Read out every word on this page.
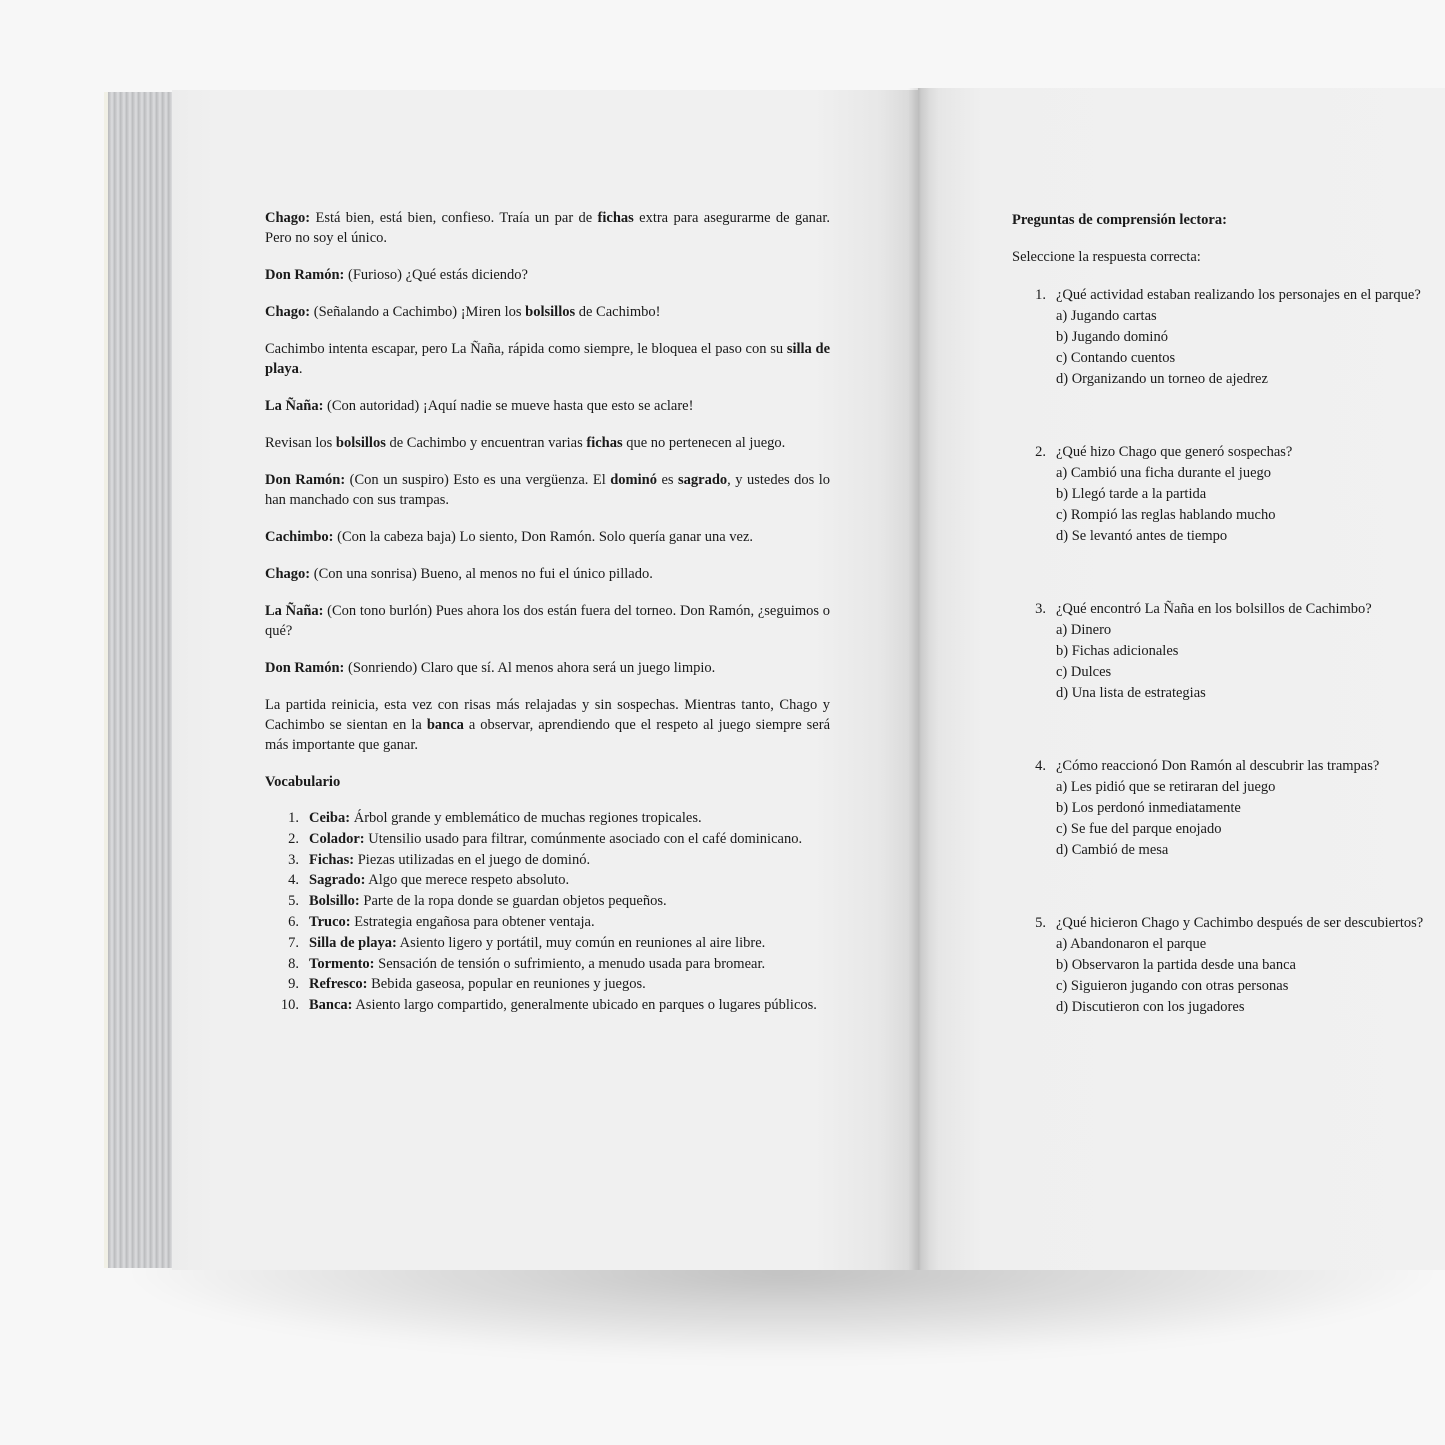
Chago: Está bien, está bien, confieso. Traía un par de fichas extra para asegurarme de ganar. Pero no soy el único.

Don Ramón: (Furioso) ¿Qué estás diciendo?

Chago: (Señalando a Cachimbo) ¡Miren los bolsillos de Cachimbo!

Cachimbo intenta escapar, pero La Ñaña, rápida como siempre, le bloquea el paso con su silla de playa.

La Ñaña: (Con autoridad) ¡Aquí nadie se mueve hasta que esto se aclare!

Revisan los bolsillos de Cachimbo y encuentran varias fichas que no pertenecen al juego.

Don Ramón: (Con un suspiro) Esto es una vergüenza. El dominó es sagrado, y ustedes dos lo han manchado con sus trampas.

Cachimbo: (Con la cabeza baja) Lo siento, Don Ramón. Solo quería ganar una vez.

Chago: (Con una sonrisa) Bueno, al menos no fui el único pillado.

La Ñaña: (Con tono burlón) Pues ahora los dos están fuera del torneo. Don Ramón, ¿seguimos o qué?

Don Ramón: (Sonriendo) Claro que sí. Al menos ahora será un juego limpio.

La partida reinicia, esta vez con risas más relajadas y sin sospechas. Mientras tanto, Chago y Cachimbo se sientan en la banca a observar, aprendiendo que el respeto al juego siempre será más importante que ganar.

Vocabulario
1. Ceiba: Árbol grande y emblemático de muchas regiones tropicales.
2. Colador: Utensilio usado para filtrar, comúnmente asociado con el café dominicano.
3. Fichas: Piezas utilizadas en el juego de dominó.
4. Sagrado: Algo que merece respeto absoluto.
5. Bolsillo: Parte de la ropa donde se guardan objetos pequeños.
6. Truco: Estrategia engañosa para obtener ventaja.
7. Silla de playa: Asiento ligero y portátil, muy común en reuniones al aire libre.
8. Tormento: Sensación de tensión o sufrimiento, a menudo usada para bromear.
9. Refresco: Bebida gaseosa, popular en reuniones y juegos.
10. Banca: Asiento largo compartido, generalmente ubicado en parques o lugares públicos.
Preguntas de comprensión lectora:
Seleccione la respuesta correcta:
1. ¿Qué actividad estaban realizando los personajes en el parque?
a) Jugando cartas
b) Jugando dominó
c) Contando cuentos
d) Organizando un torneo de ajedrez
2. ¿Qué hizo Chago que generó sospechas?
a) Cambió una ficha durante el juego
b) Llegó tarde a la partida
c) Rompió las reglas hablando mucho
d) Se levantó antes de tiempo
3. ¿Qué encontró La Ñaña en los bolsillos de Cachimbo?
a) Dinero
b) Fichas adicionales
c) Dulces
d) Una lista de estrategias
4. ¿Cómo reaccionó Don Ramón al descubrir las trampas?
a) Les pidió que se retiraran del juego
b) Los perdonó inmediatamente
c) Se fue del parque enojado
d) Cambió de mesa
5. ¿Qué hicieron Chago y Cachimbo después de ser descubiertos?
a) Abandonaron el parque
b) Observaron la partida desde una banca
c) Siguieron jugando con otras personas
d) Discutieron con los jugadores
